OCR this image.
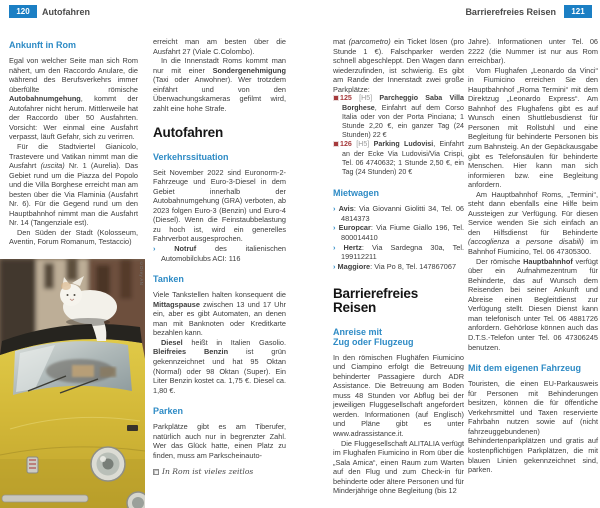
120	Autofahren	Barrierefreies Reisen	121
Ankunft in Rom

Egal von welcher Seite man sich Rom nähert, um den Raccordo Anulare, die während des Berufsverkehrs immer überfüllte römische Autobahnumgehung, kommt der Autofahrer nicht herum. Mittlerweile hat der Raccordo über 50 Ausfahrten. Vorsicht: Wer einmal eine Ausfahrt verpasst, läuft Gefahr, sich zu verirren.

Für die Stadtviertel Gianicolo, Trastevere und Vatikan nimmt man die Ausfahrt (uscita) Nr. 1 (Aurelia). Das Gebiet rund um die Piazza del Popolo und die Villa Borghese erreicht man am besten über die Via Flaminia (Ausfahrt Nr. 6). Für die Gegend rund um den Hauptbahnhof nimmt man die Ausfahrt Nr. 14 (Tangenziale est).

Den Süden der Stadt (Kolosseum, Aventin, Forum Romanum, Testaccio)

©Drey AN
In Rom ist vieles zeitlos

erreicht man am besten über die Ausfahrt 27 (Viale C.Colombo).

In die Innenstadt Roms kommt man nur mit einer Sondergenehmigung (Taxi oder Anwohner). Wer trotzdem einfährt und von den Überwachungskameras gefilmt wird, zahlt eine hohe Strafe.

Autofahren
Verkehrssituation

Seit November 2022 sind Euronorm-2-Fahrzeuge und Euro-3-Diesel in dem Gebiet innerhalb der Autobahnumgehung (GRA) verboten, ab 2023 folgen Euro-3 (Benzin) und Euro-4 (Diesel). Wenn die Feinstaubbelastung zu hoch ist, wird ein generelles Fahrverbot ausgesprochen.

›	Notruf des italienischen Automobilclubs ACI: 116

Tanken

Viele Tankstellen halten konsequent die Mittagspause zwischen 13 und 17 Uhr ein, aber es gibt Automaten, an denen man mit Banknoten oder Kreditkarte bezahlen kann.

Diesel heißt in Italien Gasolio. Bleifreies Benzin ist grün gekennzeichnet und hat 95 Oktan (Normal) oder 98 Oktan (Super). Ein Liter Benzin kostet ca. 1,75 €. Diesel ca. 1,80 €.

Parken

Parkplätze gibt es am Tiberufer, natürlich auch nur in begrenzter Zahl. Wer das Glück hatte, einen Platz zu finden, muss am Parkscheinauto-

mat (parcometro) ein Ticket lösen (pro Stunde 1 €). Falschparker werden schnell abgeschleppt. Den Wagen dann wiederzufinden, ist schwierig. Es gibt am Rande der Innenstadt zwei große Parkplätze:

125 [H5] Parcheggio Saba Villa Borghese, Einfahrt auf dem Corso Italia oder von der Porta Pinciana; 1 Stunde 2,20 €, ein ganzer Tag (24 Stunden) 22 €

126 [H5] Parking Ludovisi, Einfahrt an der Ecke Via Ludovisi/Via Crispi, Tel. 06 4740632; 1 Stunde 2,50 €, ein Tag (24 Stunden) 20 €

Mietwagen

› Avis: Via Giovanni Giolitti 34, Tel. 06 4814373

› Europcar: Via Fiume Giallo 196, Tel. 800014410

› Hertz: Via Sardegna 30a, Tel. 199112211

› Maggiore: Via Po 8, Tel. 147867067

Barrierefreies Reisen
Anreise mit
Zug oder Flugzeug

In den römischen Flughäfen Fiumicino und Ciampino erfolgt die Betreuung behinderter Passagiere durch ADR Assistance. Die Betreuung am Boden muss 48 Stunden vor Abflug bei der jeweiligen Fluggesellschaft angefordert werden. Informationen (auf Englisch) und Pläne gibt es unter www.adrassistance.it.

Die Fluggesellschaft ALITALIA verfügt im Flughafen Fiumicino in Rom über die „Sala Amica“, einen Raum zum Warten auf den Flug und zum Check-in für behinderte oder ältere Personen und für Minderjährige ohne Begleitung (bis 12

Jahre). Informationen unter Tel. 06 2222 (die Nummer ist nur aus Rom erreichbar).

Vom Flughafen „Leonardo da Vinci“ in Fiumicino erreichen Sie den Hauptbahnhof „Roma Termini“ mit dem Direktzug „Leonardo Express“. Am Bahnhof des Flughafens gibt es auf Wunsch einen Shuttlebusdienst für Personen mit Rollstuhl und eine Begleitung für behinderte Personen bis zum Bahnsteig. An der Gepäckausgabe gibt es Telefonsäulen für behinderte Menschen. Hier kann man sich informieren bzw. eine Begleitung anfordern.

Am Hauptbahnhof Roms, „Termini“, steht dann ebenfalls eine Hilfe beim Aussteigen zur Verfügung. Für diesen Service wenden Sie sich einfach an den Hilfsdienst für Behinderte (accoglienza a persone disabili) im Bahnhof Fiumicino, Tel. 06 47305300.

Der römische Hauptbahnhof verfügt über ein Aufnahmezentrum für Behinderte, das auf Wunsch dem Reisenden bei seiner Ankunft und Abreise einen Begleitdienst zur Verfügung stellt. Diesen Dienst kann man telefonisch unter Tel. 06 4881726 anfordern. Gehörlose können auch das D.T.S.-Telefon unter Tel. 06 47306245 benutzen.

Mit dem eigenen Fahrzeug

Touristen, die einen EU-Parkausweis für Personen mit Behinderungen besitzen, können die für öffentliche Verkehrsmittel und Taxen reservierte Fahrbahn nutzen sowie auf (nicht fahrzeuggebundenen) Behindertenparkplätzen und gratis auf kostenpflichtigen Parkplätzen, die mit blauen Linien gekennzeichnet sind, parken.
